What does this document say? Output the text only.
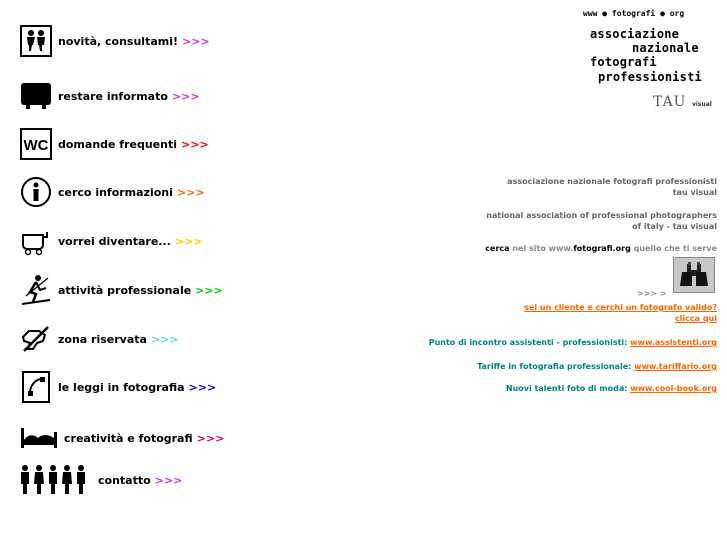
novità, consultami! >>>
restare informato >>>
WC domande frequenti >>>
cerco informazioni >>>
vorrei diventare... >>>
attività professionale >>>
zona riservata >>>
le leggi in fotografia >>>
creatività e fotografi >>>
contatto >>>
www ● fotografi ● org
associazione
nazionale
fotografi
professionisti
TAU visual
associazione nazionale fotografi professionisti
tau visual
national association of professional photographers
of italy - tau visual
cerca nel sito www.fotografi.org quello che ti serve
>>> >
sei un cliente e cerchi un fotografo valido?
clicca qui
Punto di incontro assistenti - professionisti: www.assistenti.org
Tariffe in fotografia professionale: www.tariffario.org
Nuovi talenti foto di moda: www.cool-book.org
